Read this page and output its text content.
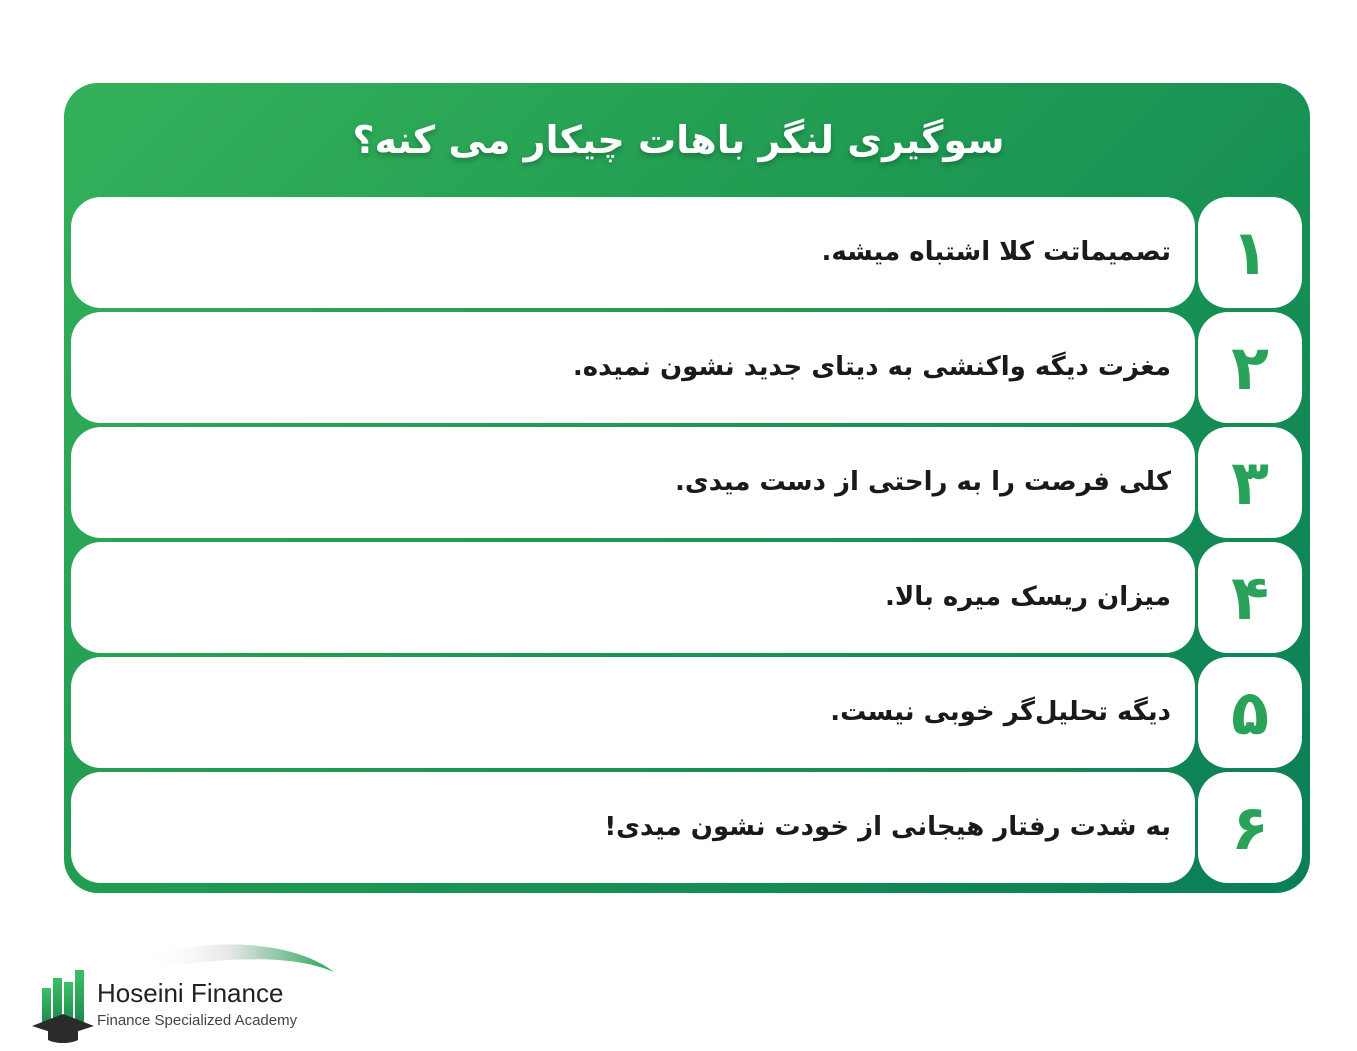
سوگیری لنگر باهات چیکار می کنه؟
تصمیماتت کلا اشتباه میشه. ۱
مغزت دیگه واکنشی به دیتای جدید نشون نمیده. ۲
کلی فرصت را به راحتی از دست میدی. ۳
میزان ریسک میره بالا. ۴
دیگه تحلیل‌گر خوبی نیست. ۵
به شدت رفتار هیجانی از خودت نشون میدی! ۶
Hoseini Finance
Finance Specialized Academy
